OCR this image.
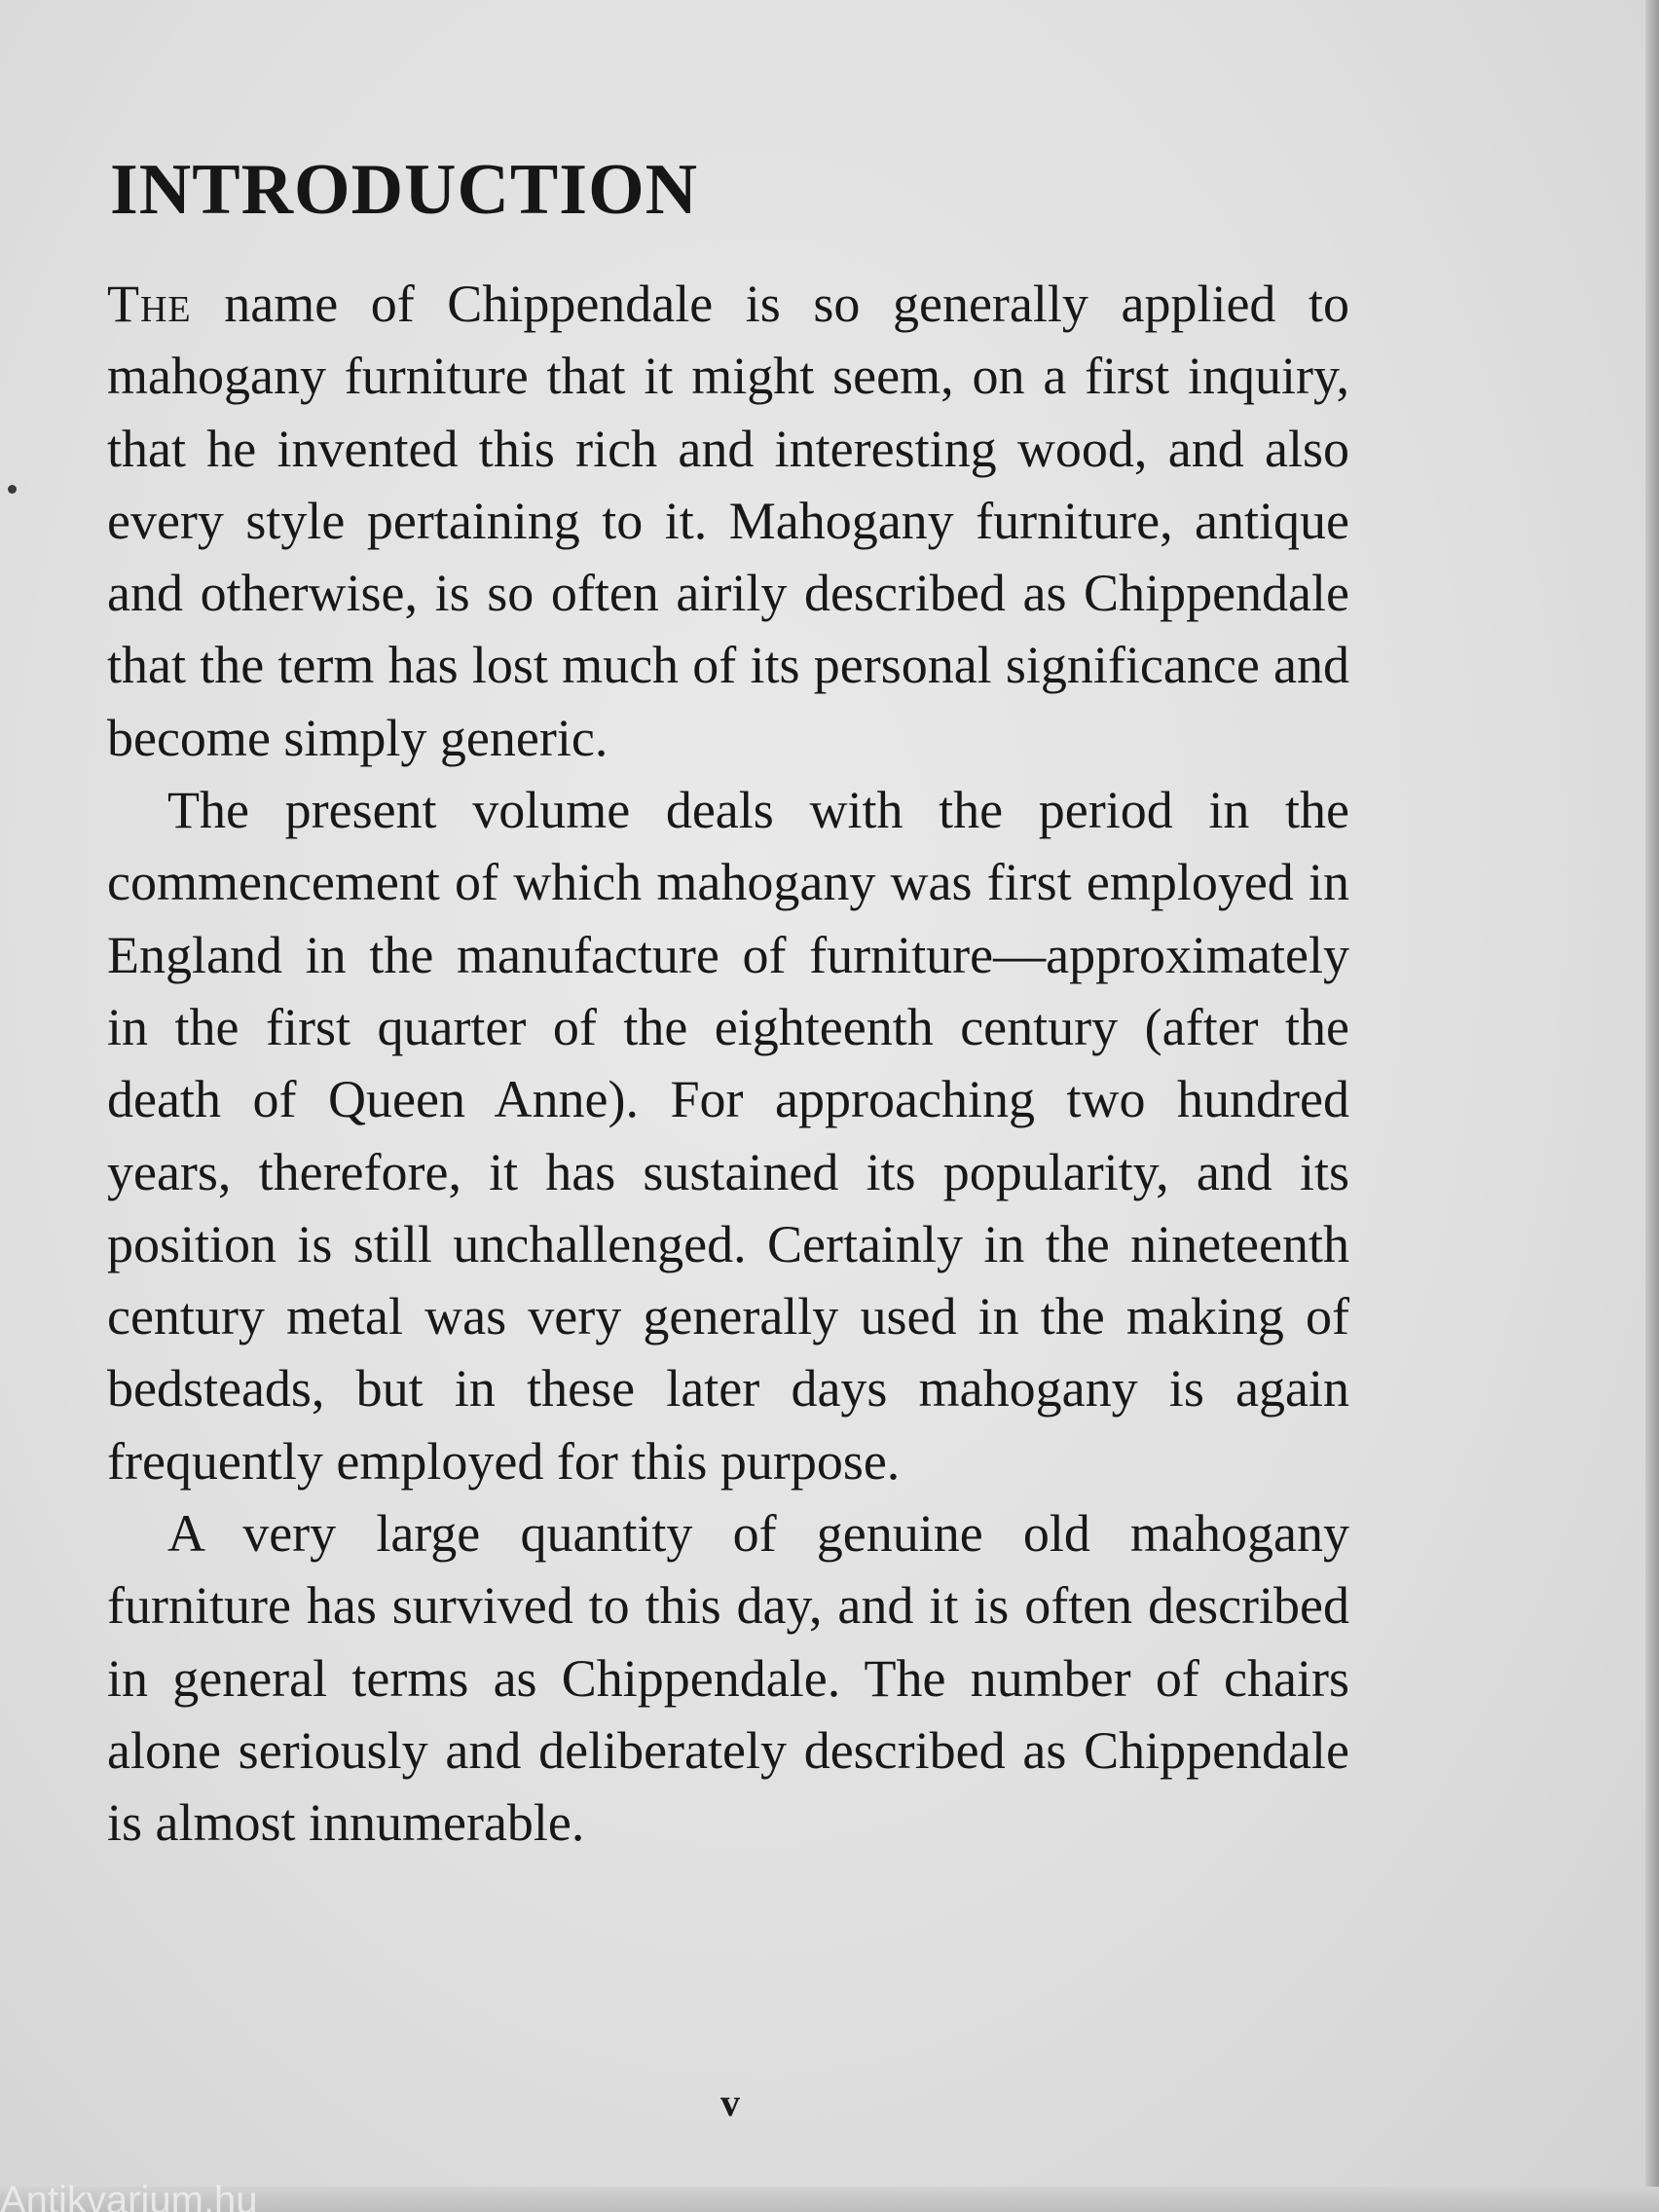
INTRODUCTION

The name of Chippendale is so generally applied to mahogany furniture that it might seem, on a first inquiry, that he invented this rich and interesting wood, and also every style pertaining to it. Mahogany furniture, antique and otherwise, is so often airily described as Chippendale that the term has lost much of its personal significance and become simply generic.

The present volume deals with the period in the commencement of which mahogany was first employed in England in the manufacture of furniture—approximately in the first quarter of the eighteenth century (after the death of Queen Anne). For approaching two hundred years, therefore, it has sustained its popularity, and its position is still unchallenged. Certainly in the nineteenth century metal was very generally used in the making of bedsteads, but in these later days mahogany is again frequently employed for this purpose.

A very large quantity of genuine old mahogany furniture has survived to this day, and it is often described in general terms as Chippendale. The number of chairs alone seriously and deliberately described as Chippendale is almost innumerable.

v
Antikvarium.hu
